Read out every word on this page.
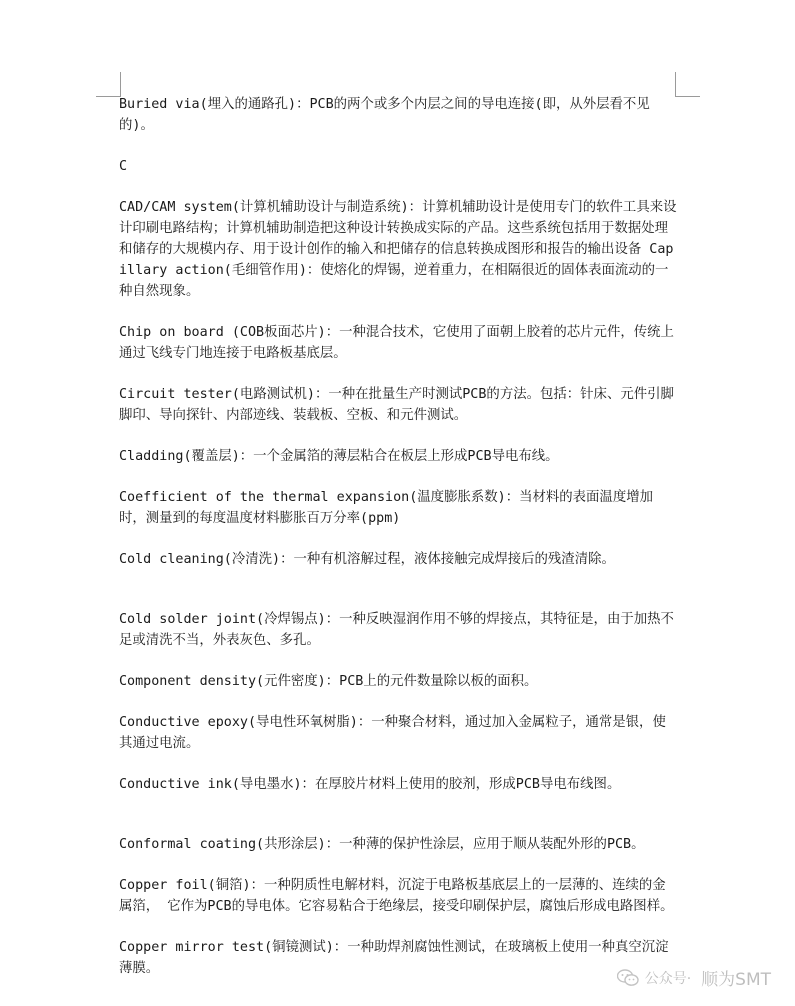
Buried via(埋入的通路孔)：PCB的两个或多个内层之间的导电连接(即，从外层看不见的)。

C

CAD/CAM system(计算机辅助设计与制造系统)：计算机辅助设计是使用专门的软件工具来设计印刷电路结构；计算机辅助制造把这种设计转换成实际的产品。这些系统包括用于数据处理和储存的大规模内存、用于设计创作的输入和把储存的信息转换成图形和报告的输出设备 Capillary action(毛细管作用)：使熔化的焊锡，逆着重力，在相隔很近的固体表面流动的一种自然现象。

Chip on board (COB板面芯片)：一种混合技术，它使用了面朝上胶着的芯片元件，传统上通过飞线专门地连接于电路板基底层。

Circuit tester(电路测试机)：一种在批量生产时测试PCB的方法。包括：针床、元件引脚脚印、导向探针、内部迹线、装载板、空板、和元件测试。

Cladding(覆盖层)：一个金属箔的薄层粘合在板层上形成PCB导电布线。

Coefficient of the thermal expansion(温度膨胀系数)：当材料的表面温度增加时，测量到的每度温度材料膨胀百万分率(ppm)

Cold cleaning(冷清洗)：一种有机溶解过程，液体接触完成焊接后的残渣清除。

Cold solder joint(冷焊锡点)：一种反映湿润作用不够的焊接点，其特征是，由于加热不足或清洗不当，外表灰色、多孔。

Component density(元件密度)：PCB上的元件数量除以板的面积。

Conductive epoxy(导电性环氧树脂)：一种聚合材料，通过加入金属粒子，通常是银，使其通过电流。

Conductive ink(导电墨水)：在厚胶片材料上使用的胶剂，形成PCB导电布线图。

Conformal coating(共形涂层)：一种薄的保护性涂层，应用于顺从装配外形的PCB。

Copper foil(铜箔)：一种阴质性电解材料，沉淀于电路板基底层上的一层薄的、连续的金属箔， 它作为PCB的导电体。它容易粘合于绝缘层，接受印刷保护层，腐蚀后形成电路图样。

Copper mirror test(铜镜测试)：一种助焊剂腐蚀性测试，在玻璃板上使用一种真空沉淀薄膜。

公众号· 顺为SMT
